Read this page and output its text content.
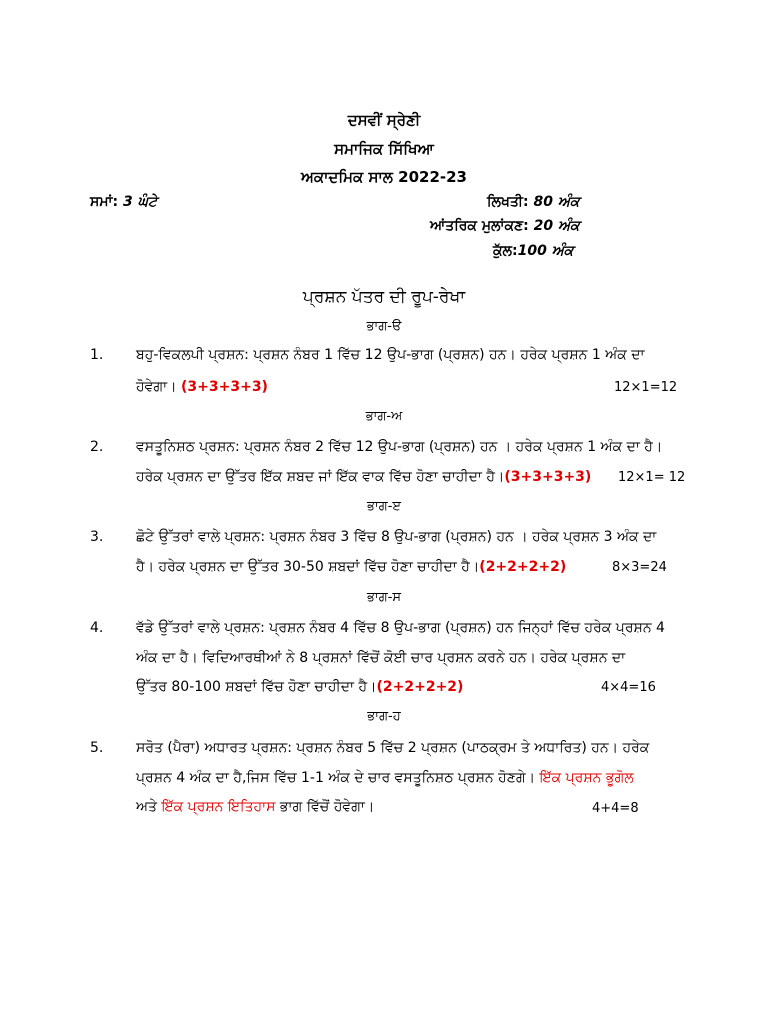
ਦਸਵੀਂ ਸ੍ਰੇਣੀ
ਸਮਾਜਿਕ ਸਿੱਖਿਆ
ਅਕਾਦਮਿਕ ਸਾਲ 2022-23
ਸਮਾਂ: 3 ਘੰਟੇ	ਲਿਖਤੀ: 80 ਅੰਕ
ਆਂਤਰਿਕ ਮੁਲਾਂਕਣ: 20 ਅੰਕ
ਕੁੱਲ:100 ਅੰਕ
ਪ੍ਰਸ਼ਨ ਪੱਤਰ ਦੀ ਰੂਪ-ਰੇਖਾ
ਭਾਗ-ੳ
1. ਬਹੁ-ਵਿਕਲਪੀ ਪ੍ਰਸ਼ਨ: ਪ੍ਰਸ਼ਨ ਨੰਬਰ 1 ਵਿੱਚ 12 ਉਪ-ਭਾਗ (ਪ੍ਰਸ਼ਨ) ਹਨ। ਹਰੇਕ ਪ੍ਰਸ਼ਨ 1 ਅੰਕ ਦਾ
ਹੋਵੇਗਾ। (3+3+3+3)	12×1=12
ਭਾਗ-ਅ
2. ਵਸਤੂਨਿਸ਼ਠ ਪ੍ਰਸ਼ਨ: ਪ੍ਰਸ਼ਨ ਨੰਬਰ 2 ਵਿੱਚ 12 ਉਪ-ਭਾਗ (ਪ੍ਰਸ਼ਨ) ਹਨ । ਹਰੇਕ ਪ੍ਰਸ਼ਨ 1 ਅੰਕ ਦਾ ਹੈ।
ਹਰੇਕ ਪ੍ਰਸ਼ਨ ਦਾ ਉੱਤਰ ਇੱਕ ਸ਼ਬਦ ਜਾਂ ਇੱਕ ਵਾਕ ਵਿੱਚ ਹੋਣਾ ਚਾਹੀਦਾ ਹੈ।(3+3+3+3) 12×1= 12
ਭਾਗ-ੲ
3. ਛੋਟੇ ਉੱਤਰਾਂ ਵਾਲੇ ਪ੍ਰਸ਼ਨ: ਪ੍ਰਸ਼ਨ ਨੰਬਰ 3 ਵਿੱਚ 8 ਉਪ-ਭਾਗ (ਪ੍ਰਸ਼ਨ) ਹਨ । ਹਰੇਕ ਪ੍ਰਸ਼ਨ 3 ਅੰਕ ਦਾ
ਹੈ। ਹਰੇਕ ਪ੍ਰਸ਼ਨ ਦਾ ਉੱਤਰ 30-50 ਸ਼ਬਦਾਂ ਵਿੱਚ ਹੋਣਾ ਚਾਹੀਦਾ ਹੈ।(2+2+2+2)	8×3=24
ਭਾਗ-ਸ
4. ਵੱਡੇ ਉੱਤਰਾਂ ਵਾਲੇ ਪ੍ਰਸ਼ਨ: ਪ੍ਰਸ਼ਨ ਨੰਬਰ 4 ਵਿੱਚ 8 ਉਪ-ਭਾਗ (ਪ੍ਰਸ਼ਨ) ਹਨ ਜਿਨ੍ਹਾਂ ਵਿੱਚ ਹਰੇਕ ਪ੍ਰਸ਼ਨ 4
ਅੰਕ ਦਾ ਹੈ। ਵਿਦਿਆਰਥੀਆਂ ਨੇ 8 ਪ੍ਰਸ਼ਨਾਂ ਵਿੱਚੋਂ ਕੋਈ ਚਾਰ ਪ੍ਰਸ਼ਨ ਕਰਨੇ ਹਨ। ਹਰੇਕ ਪ੍ਰਸ਼ਨ ਦਾ
ਉੱਤਰ 80-100 ਸ਼ਬਦਾਂ ਵਿੱਚ ਹੋਣਾ ਚਾਹੀਦਾ ਹੈ।(2+2+2+2)	4×4=16
ਭਾਗ-ਹ
5. ਸਰੋਤ (ਪੈਰਾ) ਅਧਾਰਤ ਪ੍ਰਸ਼ਨ: ਪ੍ਰਸ਼ਨ ਨੰਬਰ 5 ਵਿੱਚ 2 ਪ੍ਰਸ਼ਨ (ਪਾਠਕ੍ਰਮ ਤੇ ਅਧਾਰਿਤ) ਹਨ। ਹਰੇਕ
ਪ੍ਰਸ਼ਨ 4 ਅੰਕ ਦਾ ਹੈ,ਜਿਸ ਵਿੱਚ 1-1 ਅੰਕ ਦੇ ਚਾਰ ਵਸਤੂਨਿਸ਼ਠ ਪ੍ਰਸ਼ਨ ਹੋਣਗੇ। ਇੱਕ ਪ੍ਰਸ਼ਨ ਭੂਗੋਲ
ਅਤੇ ਇੱਕ ਪ੍ਰਸ਼ਨ ਇਤਿਹਾਸ ਭਾਗ ਵਿੱਚੋਂ ਹੋਵੇਗਾ।	4+4=8
